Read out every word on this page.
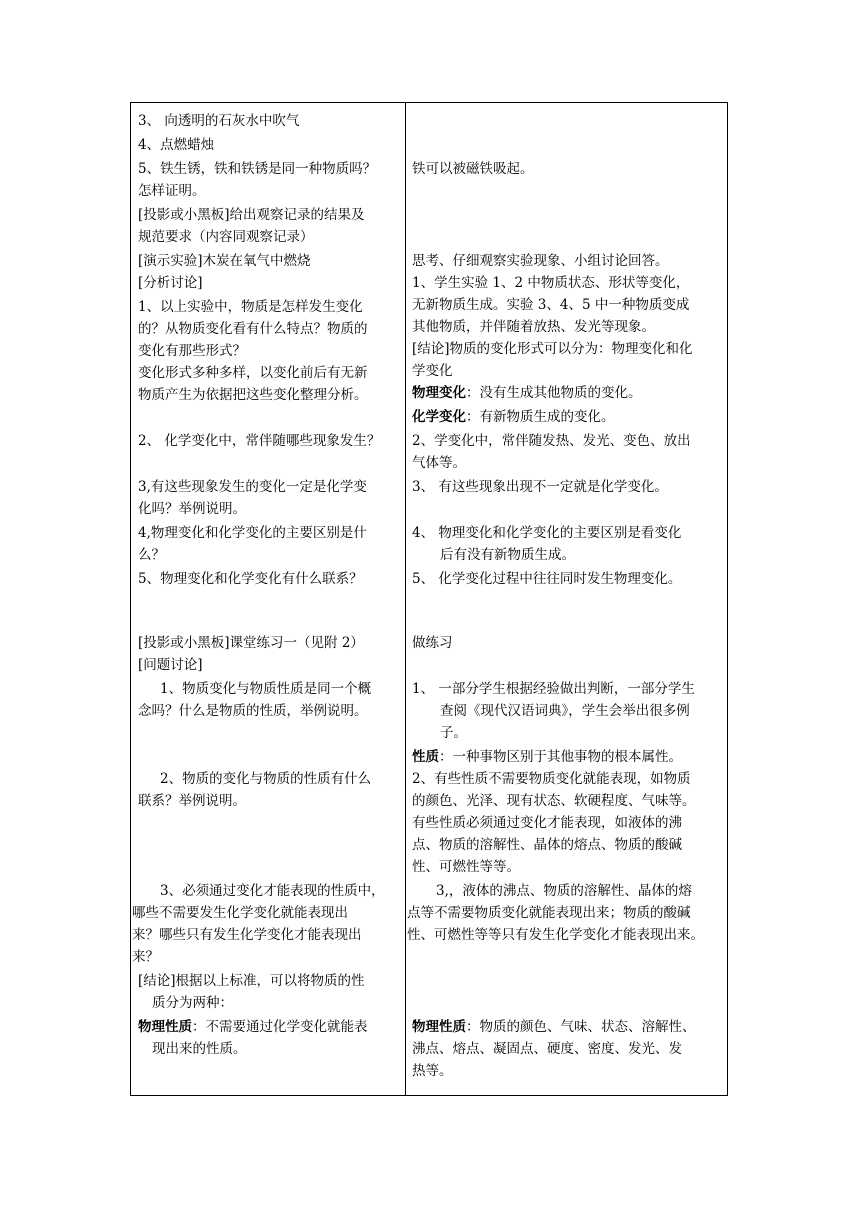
3、 向透明的石灰水中吹气
4、点燃蜡烛
5、铁生锈，铁和铁锈是同一种物质吗？
怎样证明。
[投影或小黑板]给出观察记录的结果及
规范要求（内容同观察记录）
[演示实验]木炭在氧气中燃烧
[分析讨论]
1、以上实验中，物质是怎样发生变化
的？从物质变化看有什么特点？物质的
变化有那些形式？
变化形式多种多样，以变化前后有无新
物质产生为依据把这些变化整理分析。
2、 化学变化中，常伴随哪些现象发生？
3,有这些现象发生的变化一定是化学变
化吗？举例说明。
4,物理变化和化学变化的主要区别是什
么？
5、物理变化和化学变化有什么联系？
[投影或小黑板]课堂练习一（见附 2）
[问题讨论]
1、物质变化与物质性质是同一个概
念吗？什么是物质的性质，举例说明。
2、物质的变化与物质的性质有什么
联系？举例说明。
3、必须通过变化才能表现的性质中，
哪些不需要发生化学变化就能表现出
来？哪些只有发生化学变化才能表现出
来？
[结论]根据以上标准，可以将物质的性
质分为两种：
物理性质：不需要通过化学变化就能表
现出来的性质。
铁可以被磁铁吸起。
思考、仔细观察实验现象、小组讨论回答。
1、学生实验 1、2 中物质状态、形状等变化，
无新物质生成。实验 3、4、5 中一种物质变成
其他物质，并伴随着放热、发光等现象。
[结论]物质的变化形式可以分为：物理变化和化
学变化
物理变化：没有生成其他物质的变化。
化学变化：有新物质生成的变化。
2、学变化中，常伴随发热、发光、变色、放出
气体等。
3、 有这些现象出现不一定就是化学变化。
4、 物理变化和化学变化的主要区别是看变化
后有没有新物质生成。
5、 化学变化过程中往往同时发生物理变化。
做练习
1、 一部分学生根据经验做出判断，一部分学生
查阅《现代汉语词典》，学生会举出很多例
子。
性质：一种事物区别于其他事物的根本属性。
2、有些性质不需要物质变化就能表现，如物质
的颜色、光泽、现有状态、软硬程度、气味等。
有些性质必须通过变化才能表现，如液体的沸
点、物质的溶解性、晶体的熔点、物质的酸碱
性、可燃性等等。
3,，液体的沸点、物质的溶解性、晶体的熔
点等不需要物质变化就能表现出来；物质的酸碱
性、可燃性等等只有发生化学变化才能表现出来。
物理性质：物质的颜色、气味、状态、溶解性、
沸点、熔点、凝固点、硬度、密度、发光、发
热等。
